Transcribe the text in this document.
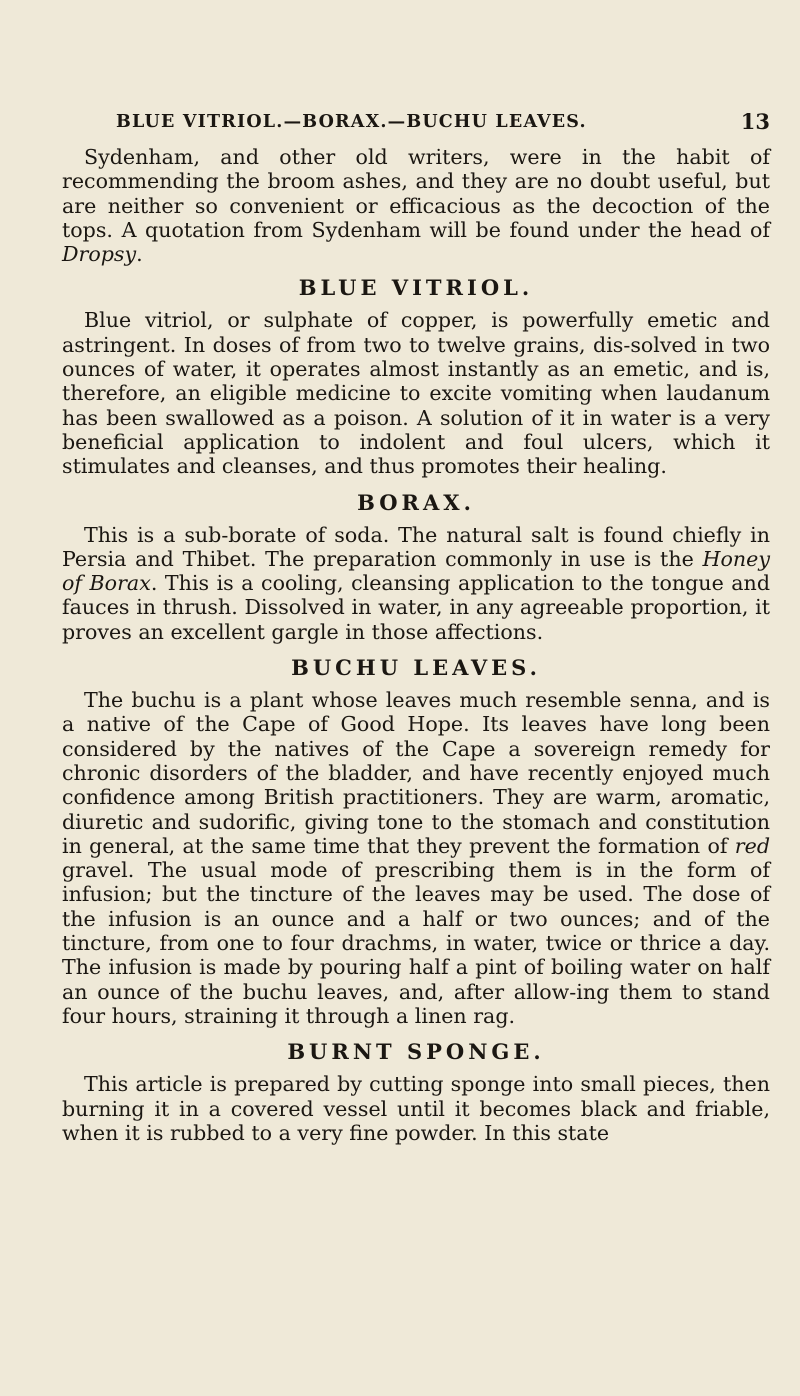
BLUE VITRIOL.—BORAX.—BUCHU LEAVES.	13

Sydenham, and other old writers, were in the habit of recommending the broom ashes, and they are no doubt useful, but are neither so convenient or efficacious as the decoction of the tops. A quotation from Sydenham will be found under the head of Dropsy.

BLUE VITRIOL.

Blue vitriol, or sulphate of copper, is powerfully emetic and astringent. In doses of from two to twelve grains, dis-solved in two ounces of water, it operates almost instantly as an emetic, and is, therefore, an eligible medicine to excite vomiting when laudanum has been swallowed as a poison. A solution of it in water is a very beneficial application to indolent and foul ulcers, which it stimulates and cleanses, and thus promotes their healing.

BORAX.

This is a sub-borate of soda. The natural salt is found chiefly in Persia and Thibet. The preparation commonly in use is the Honey of Borax. This is a cooling, cleansing application to the tongue and fauces in thrush. Dissolved in water, in any agreeable proportion, it proves an excellent gargle in those affections.

BUCHU LEAVES.

The buchu is a plant whose leaves much resemble senna, and is a native of the Cape of Good Hope. Its leaves have long been considered by the natives of the Cape a sovereign remedy for chronic disorders of the bladder, and have recently enjoyed much confidence among British practitioners. They are warm, aromatic, diuretic and sudorific, giving tone to the stomach and constitution in general, at the same time that they prevent the formation of red gravel. The usual mode of prescribing them is in the form of infusion; but the tincture of the leaves may be used. The dose of the infusion is an ounce and a half or two ounces; and of the tincture, from one to four drachms, in water, twice or thrice a day. The infusion is made by pouring half a pint of boiling water on half an ounce of the buchu leaves, and, after allow-ing them to stand four hours, straining it through a linen rag.

BURNT SPONGE.

This article is prepared by cutting sponge into small pieces, then burning it in a covered vessel until it becomes black and friable, when it is rubbed to a very fine powder. In this state
